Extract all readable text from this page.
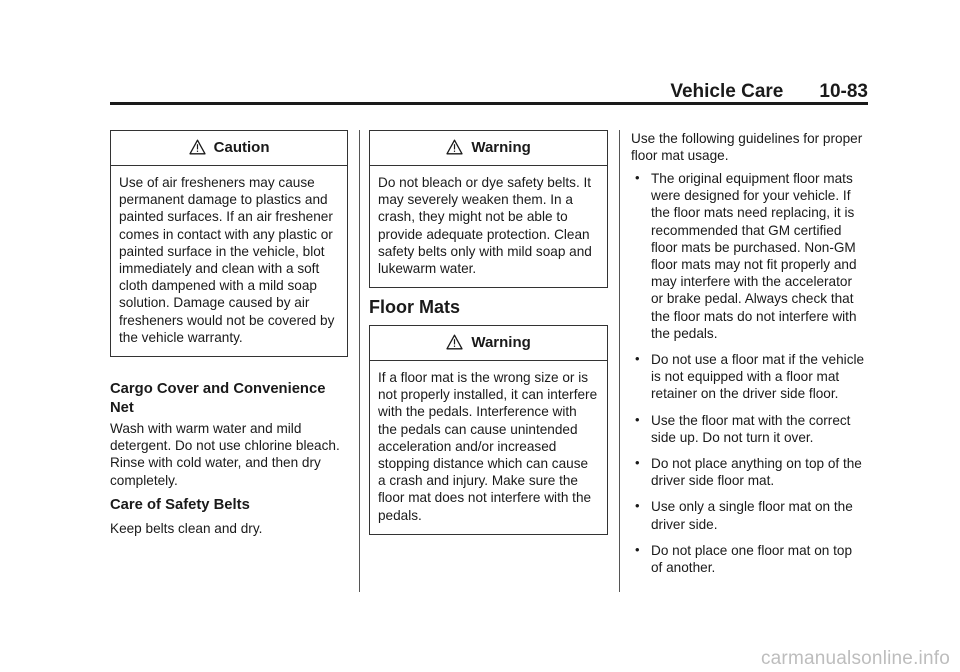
Vehicle Care 10-83
Caution
Use of air fresheners may cause permanent damage to plastics and painted surfaces. If an air freshener comes in contact with any plastic or painted surface in the vehicle, blot immediately and clean with a soft cloth dampened with a mild soap solution. Damage caused by air fresheners would not be covered by the vehicle warranty.
Cargo Cover and Convenience Net
Wash with warm water and mild detergent. Do not use chlorine bleach. Rinse with cold water, and then dry completely.
Care of Safety Belts
Keep belts clean and dry.
Warning
Do not bleach or dye safety belts. It may severely weaken them. In a crash, they might not be able to provide adequate protection. Clean safety belts only with mild soap and lukewarm water.
Floor Mats
Warning
If a floor mat is the wrong size or is not properly installed, it can interfere with the pedals. Interference with the pedals can cause unintended acceleration and/or increased stopping distance which can cause a crash and injury. Make sure the floor mat does not interfere with the pedals.
Use the following guidelines for proper floor mat usage.
• The original equipment floor mats were designed for your vehicle. If the floor mats need replacing, it is recommended that GM certified floor mats be purchased. Non-GM floor mats may not fit properly and may interfere with the accelerator or brake pedal. Always check that the floor mats do not interfere with the pedals.
• Do not use a floor mat if the vehicle is not equipped with a floor mat retainer on the driver side floor.
• Use the floor mat with the correct side up. Do not turn it over.
• Do not place anything on top of the driver side floor mat.
• Use only a single floor mat on the driver side.
• Do not place one floor mat on top of another.
carmanualsonline.info
